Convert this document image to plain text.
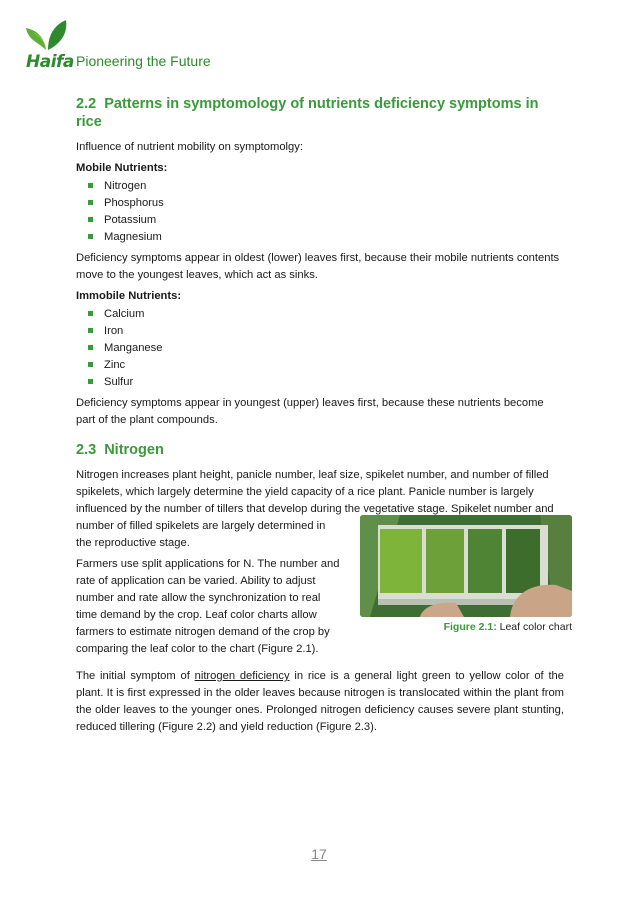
Haifa Pioneering the Future
2.2 Patterns in symptomology of nutrients deficiency symptoms in rice

Influence of nutrient mobility on symptomolgy:

Mobile Nutrients:
Nitrogen
Phosphorus
Potassium
Magnesium

Deficiency symptoms appear in oldest (lower) leaves first, because their mobile nutrients contents move to the youngest leaves, which act as sinks.

Immobile Nutrients:
Calcium
Iron
Manganese
Zinc
Sulfur

Deficiency symptoms appear in youngest (upper) leaves first, because these nutrients become part of the plant compounds.

2.3 Nitrogen

Nitrogen increases plant height, panicle number, leaf size, spikelet number, and number of filled spikelets, which largely determine the yield capacity of a rice plant. Panicle number is largely influenced by the number of tillers that develop during the vegetative stage. Spikelet number and

number of filled spikelets are largely determined in the reproductive stage.

Farmers use split applications for N. The number and rate of application can be varied. Ability to adjust number and rate allow the synchronization to real time demand by the crop. Leaf color charts allow farmers to estimate nitrogen demand of the crop by comparing the leaf color to the chart (Figure 2.1).

Figure 2.1: Leaf color chart

The initial symptom of nitrogen deficiency in rice is a general light green to yellow color of the plant. It is first expressed in the older leaves because nitrogen is translocated within the plant from the older leaves to the younger ones. Prolonged nitrogen deficiency causes severe plant stunting, reduced tillering (Figure 2.2) and yield reduction (Figure 2.3).

17
